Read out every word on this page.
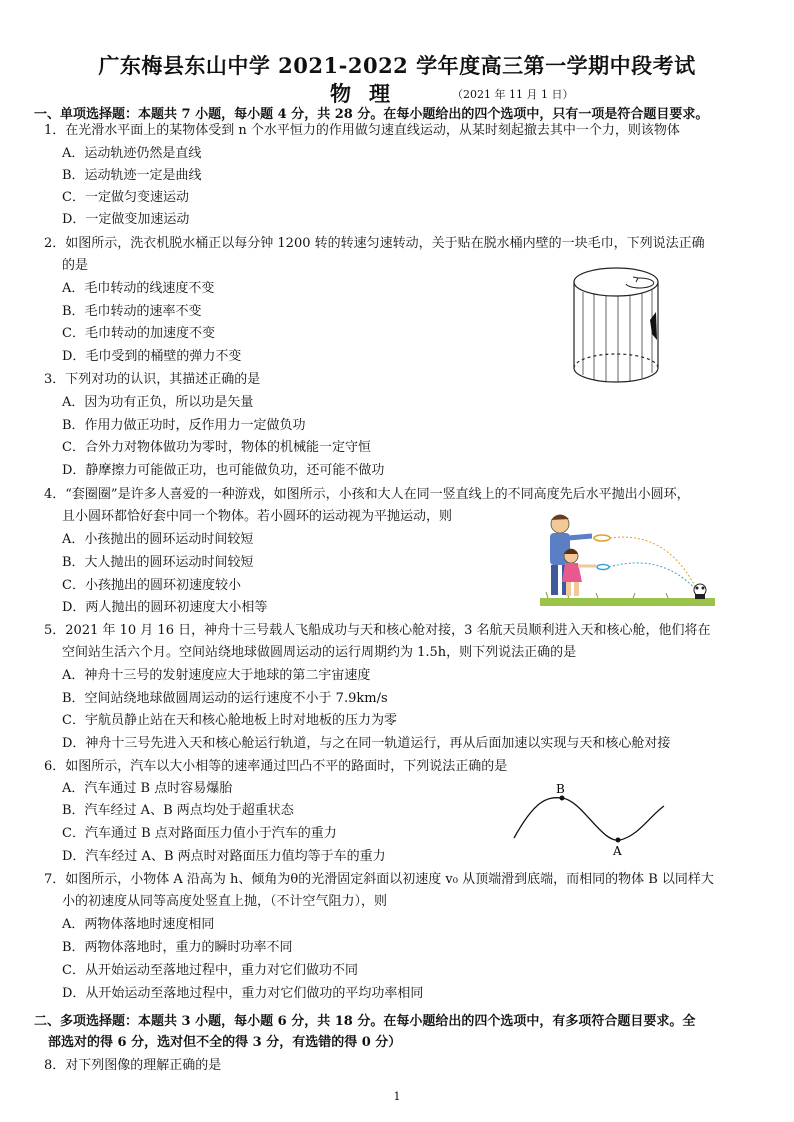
广东梅县东山中学 2021-2022 学年度高三第一学期中段考试
物理	（2021 年 11 月 1 日）
一、单项选择题：本题共 7 小题，每小题 4 分，共 28 分。在每小题给出的四个选项中，只有一项是符合题目要求。
1．在光滑水平面上的某物体受到 n 个水平恒力的作用做匀速直线运动，从某时刻起撤去其中一个力，则该物体
A．运动轨迹仍然是直线
B．运动轨迹一定是曲线
C．一定做匀变速运动
D．一定做变加速运动
2．如图所示，洗衣机脱水桶正以每分钟 1200 转的转速匀速转动，关于贴在脱水桶内壁的一块毛巾，下列说法正确
的是
A．毛巾转动的线速度不变
B．毛巾转动的速率不变
C．毛巾转动的加速度不变
D．毛巾受到的桶壁的弹力不变
3．下列对功的认识，其描述正确的是
A．因为功有正负，所以功是矢量
B．作用力做正功时，反作用力一定做负功
C．合外力对物体做功为零时，物体的机械能一定守恒
D．静摩擦力可能做正功，也可能做负功，还可能不做功
4．“套圈圈”是许多人喜爱的一种游戏，如图所示，小孩和大人在同一竖直线上的不同高度先后水平抛出小圆环，
且小圆环都恰好套中同一个物体。若小圆环的运动视为平抛运动，则
A．小孩抛出的圆环运动时间较短
B．大人抛出的圆环运动时间较短
C．小孩抛出的圆环初速度较小
D．两人抛出的圆环初速度大小相等
5．2021 年 10 月 16 日，神舟十三号载人飞船成功与天和核心舱对接，3 名航天员顺利进入天和核心舱，他们将在
空间站生活六个月。空间站绕地球做圆周运动的运行周期约为 1.5h，则下列说法正确的是
A．神舟十三号的发射速度应大于地球的第二宇宙速度
B．空间站绕地球做圆周运动的运行速度不小于 7.9km/s
C．宇航员静止站在天和核心舱地板上时对地板的压力为零
D．神舟十三号先进入天和核心舱运行轨道，与之在同一轨道运行，再从后面加速以实现与天和核心舱对接
6．如图所示，汽车以大小相等的速率通过凹凸不平的路面时，下列说法正确的是
A．汽车通过 B 点时容易爆胎
B．汽车经过 A、B 两点均处于超重状态
C．汽车通过 B 点对路面压力值小于汽车的重力
D．汽车经过 A、B 两点时对路面压力值均等于车的重力
B
A
7．如图所示，小物体 A 沿高为 h、倾角为θ的光滑固定斜面以初速度 v₀ 从顶端滑到底端，而相同的物体 B 以同样大
小的初速度从同等高度处竖直上抛，（不计空气阻力），则
A．两物体落地时速度相同
B．两物体落地时，重力的瞬时功率不同
C．从开始运动至落地过程中，重力对它们做功不同
D．从开始运动至落地过程中，重力对它们做功的平均功率相同
二、多项选择题：本题共 3 小题，每小题 6 分，共 18 分。在每小题给出的四个选项中，有多项符合题目要求。全
部选对的得 6 分，选对但不全的得 3 分，有选错的得 0 分）
8．对下列图像的理解正确的是
1
